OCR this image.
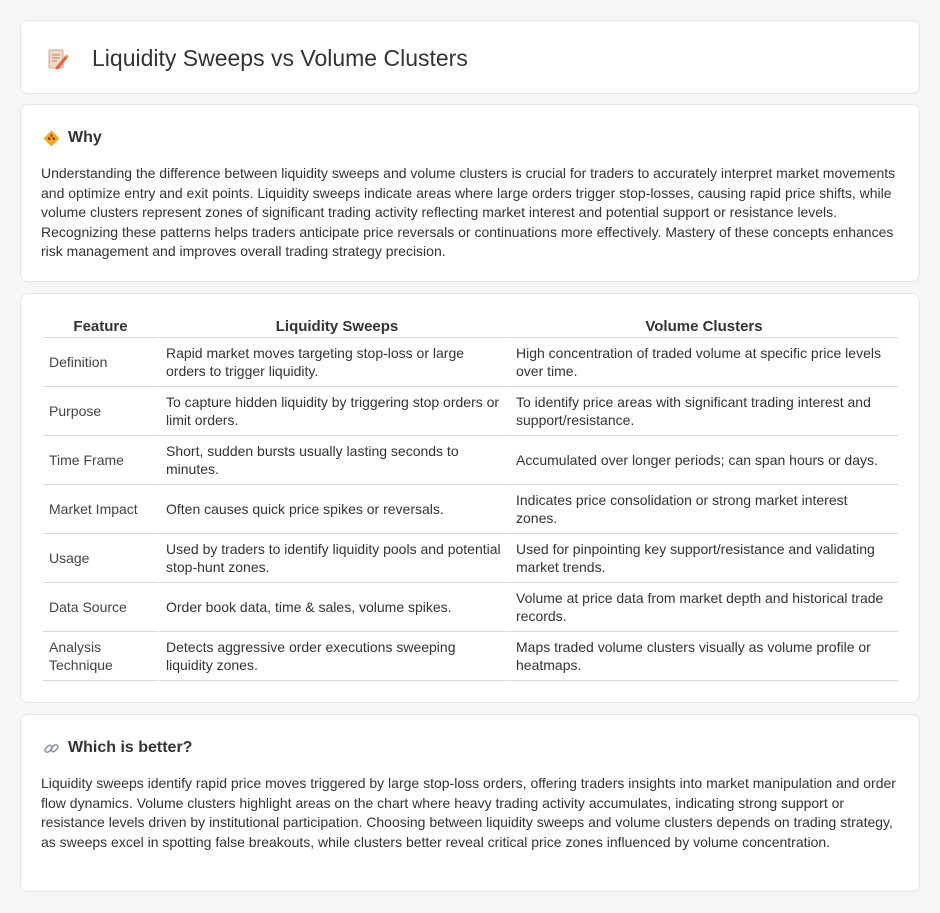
Liquidity Sweeps vs Volume Clusters
Why

Understanding the difference between liquidity sweeps and volume clusters is crucial for traders to accurately interpret market movements and optimize entry and exit points. Liquidity sweeps indicate areas where large orders trigger stop-losses, causing rapid price shifts, while volume clusters represent zones of significant trading activity reflecting market interest and potential support or resistance levels. Recognizing these patterns helps traders anticipate price reversals or continuations more effectively. Mastery of these concepts enhances risk management and improves overall trading strategy precision.

Feature	Liquidity Sweeps	Volume Clusters
Definition	Rapid market moves targeting stop-loss or large orders to trigger liquidity.	High concentration of traded volume at specific price levels over time.
Purpose	To capture hidden liquidity by triggering stop orders or limit orders.	To identify price areas with significant trading interest and support/resistance.
Time Frame	Short, sudden bursts usually lasting seconds to minutes.	Accumulated over longer periods; can span hours or days.
Market Impact	Often causes quick price spikes or reversals.	Indicates price consolidation or strong market interest zones.
Usage	Used by traders to identify liquidity pools and potential stop-hunt zones.	Used for pinpointing key support/resistance and validating market trends.
Data Source	Order book data, time & sales, volume spikes.	Volume at price data from market depth and historical trade records.
Analysis Technique	Detects aggressive order executions sweeping liquidity zones.	Maps traded volume clusters visually as volume profile or heatmaps.
Which is better?

Liquidity sweeps identify rapid price moves triggered by large stop-loss orders, offering traders insights into market manipulation and order flow dynamics. Volume clusters highlight areas on the chart where heavy trading activity accumulates, indicating strong support or resistance levels driven by institutional participation. Choosing between liquidity sweeps and volume clusters depends on trading strategy, as sweeps excel in spotting false breakouts, while clusters better reveal critical price zones influenced by volume concentration.
